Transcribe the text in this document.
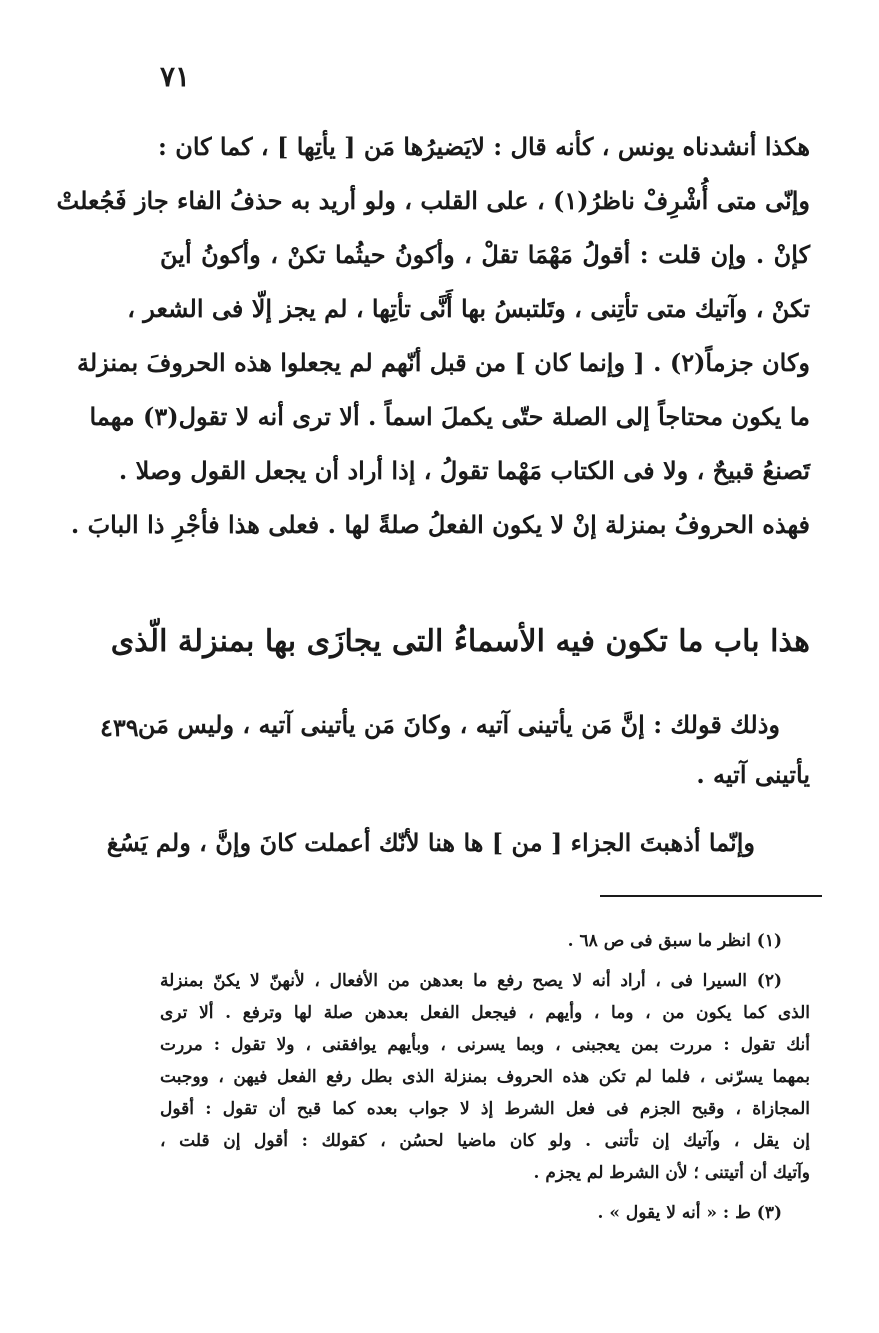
٧١
هكذا أنشدناه يونس ، كأنه قال : لايَضيرُها مَن [ يأتِها ] ، كما كان :
وإنّى متى أُشْرِفْ ناظرُ(١) ، على القلب ، ولو أريد به حذفُ الفاء جاز فَجُعلتْ
كإنْ . وإن قلت : أقولُ مَهْمَا تقلْ ، وأكونُ حيثُما تكنْ ، وأكونُ أينَ
تكنْ ، وآتيك متى تأتِنى ، وتَلتبسُ بها أَنَّى تأتِها ، لم يجز إلّا فى الشعر ،
وكان جزماً(٢) . [ وإنما كان ] من قبل أنّهم لم يجعلوا هذه الحروفَ بمنزلة
ما يكون محتاجاً إلى الصلة حتّى يكملَ اسماً . ألا ترى أنه لا تقول(٣) مهما
تَصنعُ قبيحٌ ، ولا فى الكتاب مَهْما تقولُ ، إذا أراد أن يجعل القول وصلا .
فهذه الحروفُ بمنزلة إنْ لا يكون الفعلُ صلةً لها . فعلى هذا فأجْرِ ذا البابَ .
هذا باب ما تكون فيه الأسماءُ التى يجازَى بها بمنزلة الّذى
٤٣٩ وذلك قولك : إنَّ مَن يأتينى آتيه ، وكانَ مَن يأتينى آتيه ، وليس مَن
يأتينى آتيه .
وإنّما أذهبتَ الجزاء [ من ] ها هنا لأنّك أعملت كانَ وإنَّ ، ولم يَسُغ
(١) انظر ما سبق فى ص ٦٨ .
(٢) السيرا فى ، أراد أنه لا يصح رفع ما بعدهن من الأفعال ، لأنهنّ لا يكنّ بمنزلة
الذى كما يكون من ، وما ، وأيهم ، فيجعل الفعل بعدهن صلة لها وترفع . ألا ترى
أنك تقول : مررت بمن يعجبنى ، وبما يسرنى ، وبأيهم يوافقنى ، ولا تقول : مررت
بمهما يسرّنى ، فلما لم تكن هذه الحروف بمنزلة الذى بطل رفع الفعل فيهن ، ووجبت
المجازاة ، وقبح الجزم فى فعل الشرط إذ لا جواب بعده كما قبح أن تقول : أقول
إن يقل ، وآتيك إن تأتنى . ولو كان ماضيا لحسُن ، كقولك : أقول إن قلت ،
وآتيك أن أتيتنى ؛ لأن الشرط لم يجزم .
(٣) ط : « أنه لا يقول » .
